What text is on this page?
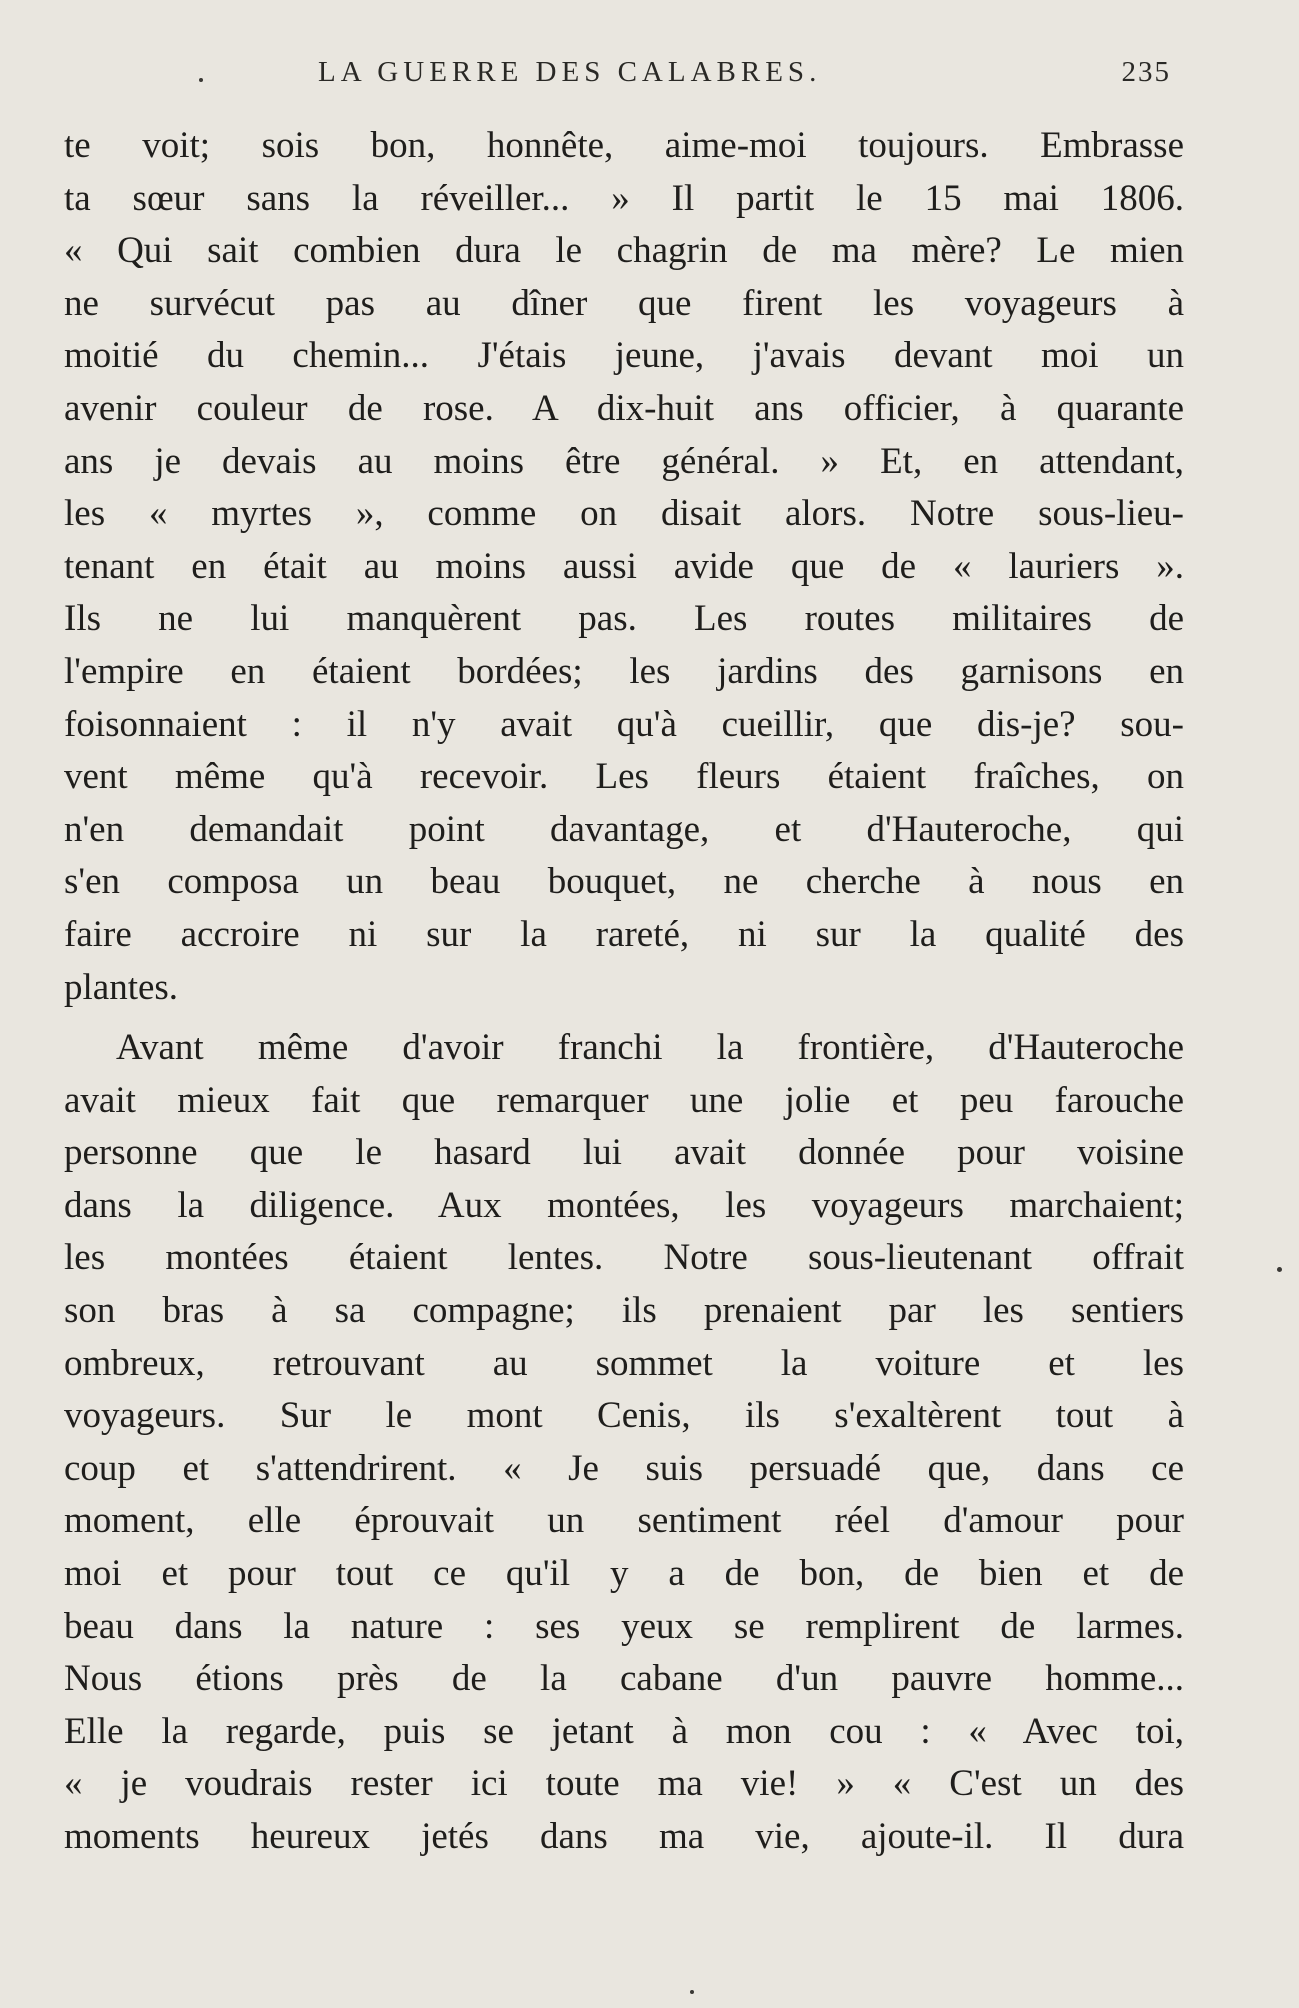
LA GUERRE DES CALABRES.	235
te voit; sois bon, honnête, aime-moi toujours. Embrasse
ta sœur sans la réveiller... » Il partit le 15 mai 1806.
« Qui sait combien dura le chagrin de ma mère? Le mien
ne survécut pas au dîner que firent les voyageurs à
moitié du chemin... J'étais jeune, j'avais devant moi un
avenir couleur de rose. A dix-huit ans officier, à quarante
ans je devais au moins être général. » Et, en attendant,
les « myrtes », comme on disait alors. Notre sous-lieu-
tenant en était au moins aussi avide que de « lauriers ».
Ils ne lui manquèrent pas. Les routes militaires de
l'empire en étaient bordées; les jardins des garnisons en
foisonnaient : il n'y avait qu'à cueillir, que dis-je? sou-
vent même qu'à recevoir. Les fleurs étaient fraîches, on
n'en demandait point davantage, et d'Hauteroche, qui
s'en composa un beau bouquet, ne cherche à nous en
faire accroire ni sur la rareté, ni sur la qualité des
plantes.
Avant même d'avoir franchi la frontière, d'Hauteroche
avait mieux fait que remarquer une jolie et peu farouche
personne que le hasard lui avait donnée pour voisine
dans la diligence. Aux montées, les voyageurs marchaient;
les montées étaient lentes. Notre sous-lieutenant offrait
son bras à sa compagne; ils prenaient par les sentiers
ombreux, retrouvant au sommet la voiture et les
voyageurs. Sur le mont Cenis, ils s'exaltèrent tout à
coup et s'attendrirent. « Je suis persuadé que, dans ce
moment, elle éprouvait un sentiment réel d'amour pour
moi et pour tout ce qu'il y a de bon, de bien et de
beau dans la nature : ses yeux se remplirent de larmes.
Nous étions près de la cabane d'un pauvre homme...
Elle la regarde, puis se jetant à mon cou : « Avec toi,
« je voudrais rester ici toute ma vie! » « C'est un des
moments heureux jetés dans ma vie, ajoute-il. Il dura
